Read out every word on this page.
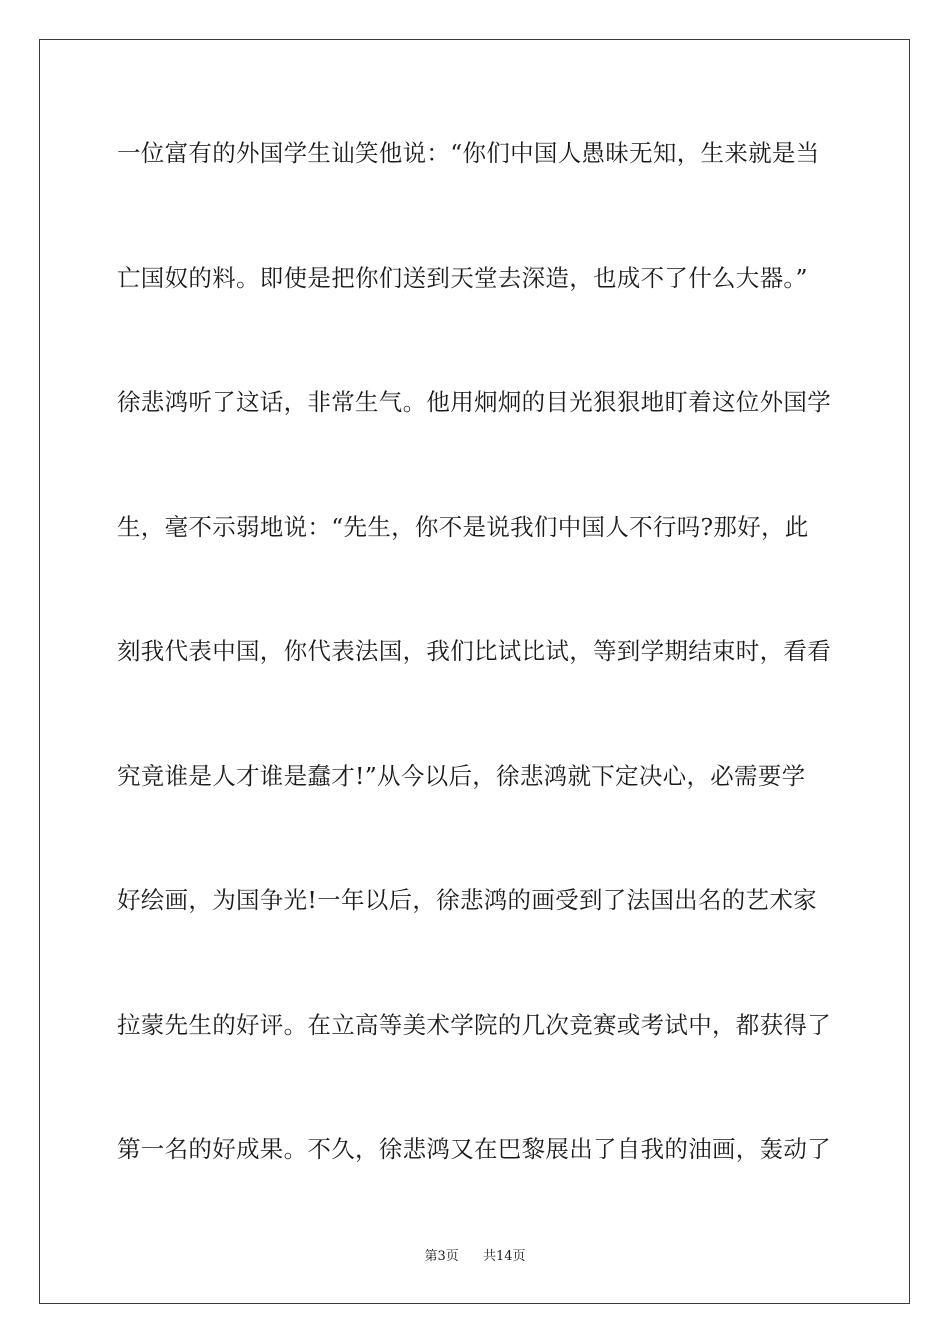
一位富有的外国学生讪笑他说：“你们中国人愚昧无知，生来就是当
亡国奴的料。即使是把你们送到天堂去深造，也成不了什么大器。”
徐悲鸿听了这话，非常生气。他用炯炯的目光狠狠地盯着这位外国学
生，毫不示弱地说：“先生，你不是说我们中国人不行吗?那好，此
刻我代表中国，你代表法国，我们比试比试，等到学期结束时，看看
究竟谁是人才谁是蠢才!”从今以后，徐悲鸿就下定决心，必需要学
好绘画，为国争光!一年以后，徐悲鸿的画受到了法国出名的艺术家
拉蒙先生的好评。在立高等美术学院的几次竞赛或考试中，都获得了
第一名的好成果。不久，徐悲鸿又在巴黎展出了自我的油画，轰动了
第3页 共14页
